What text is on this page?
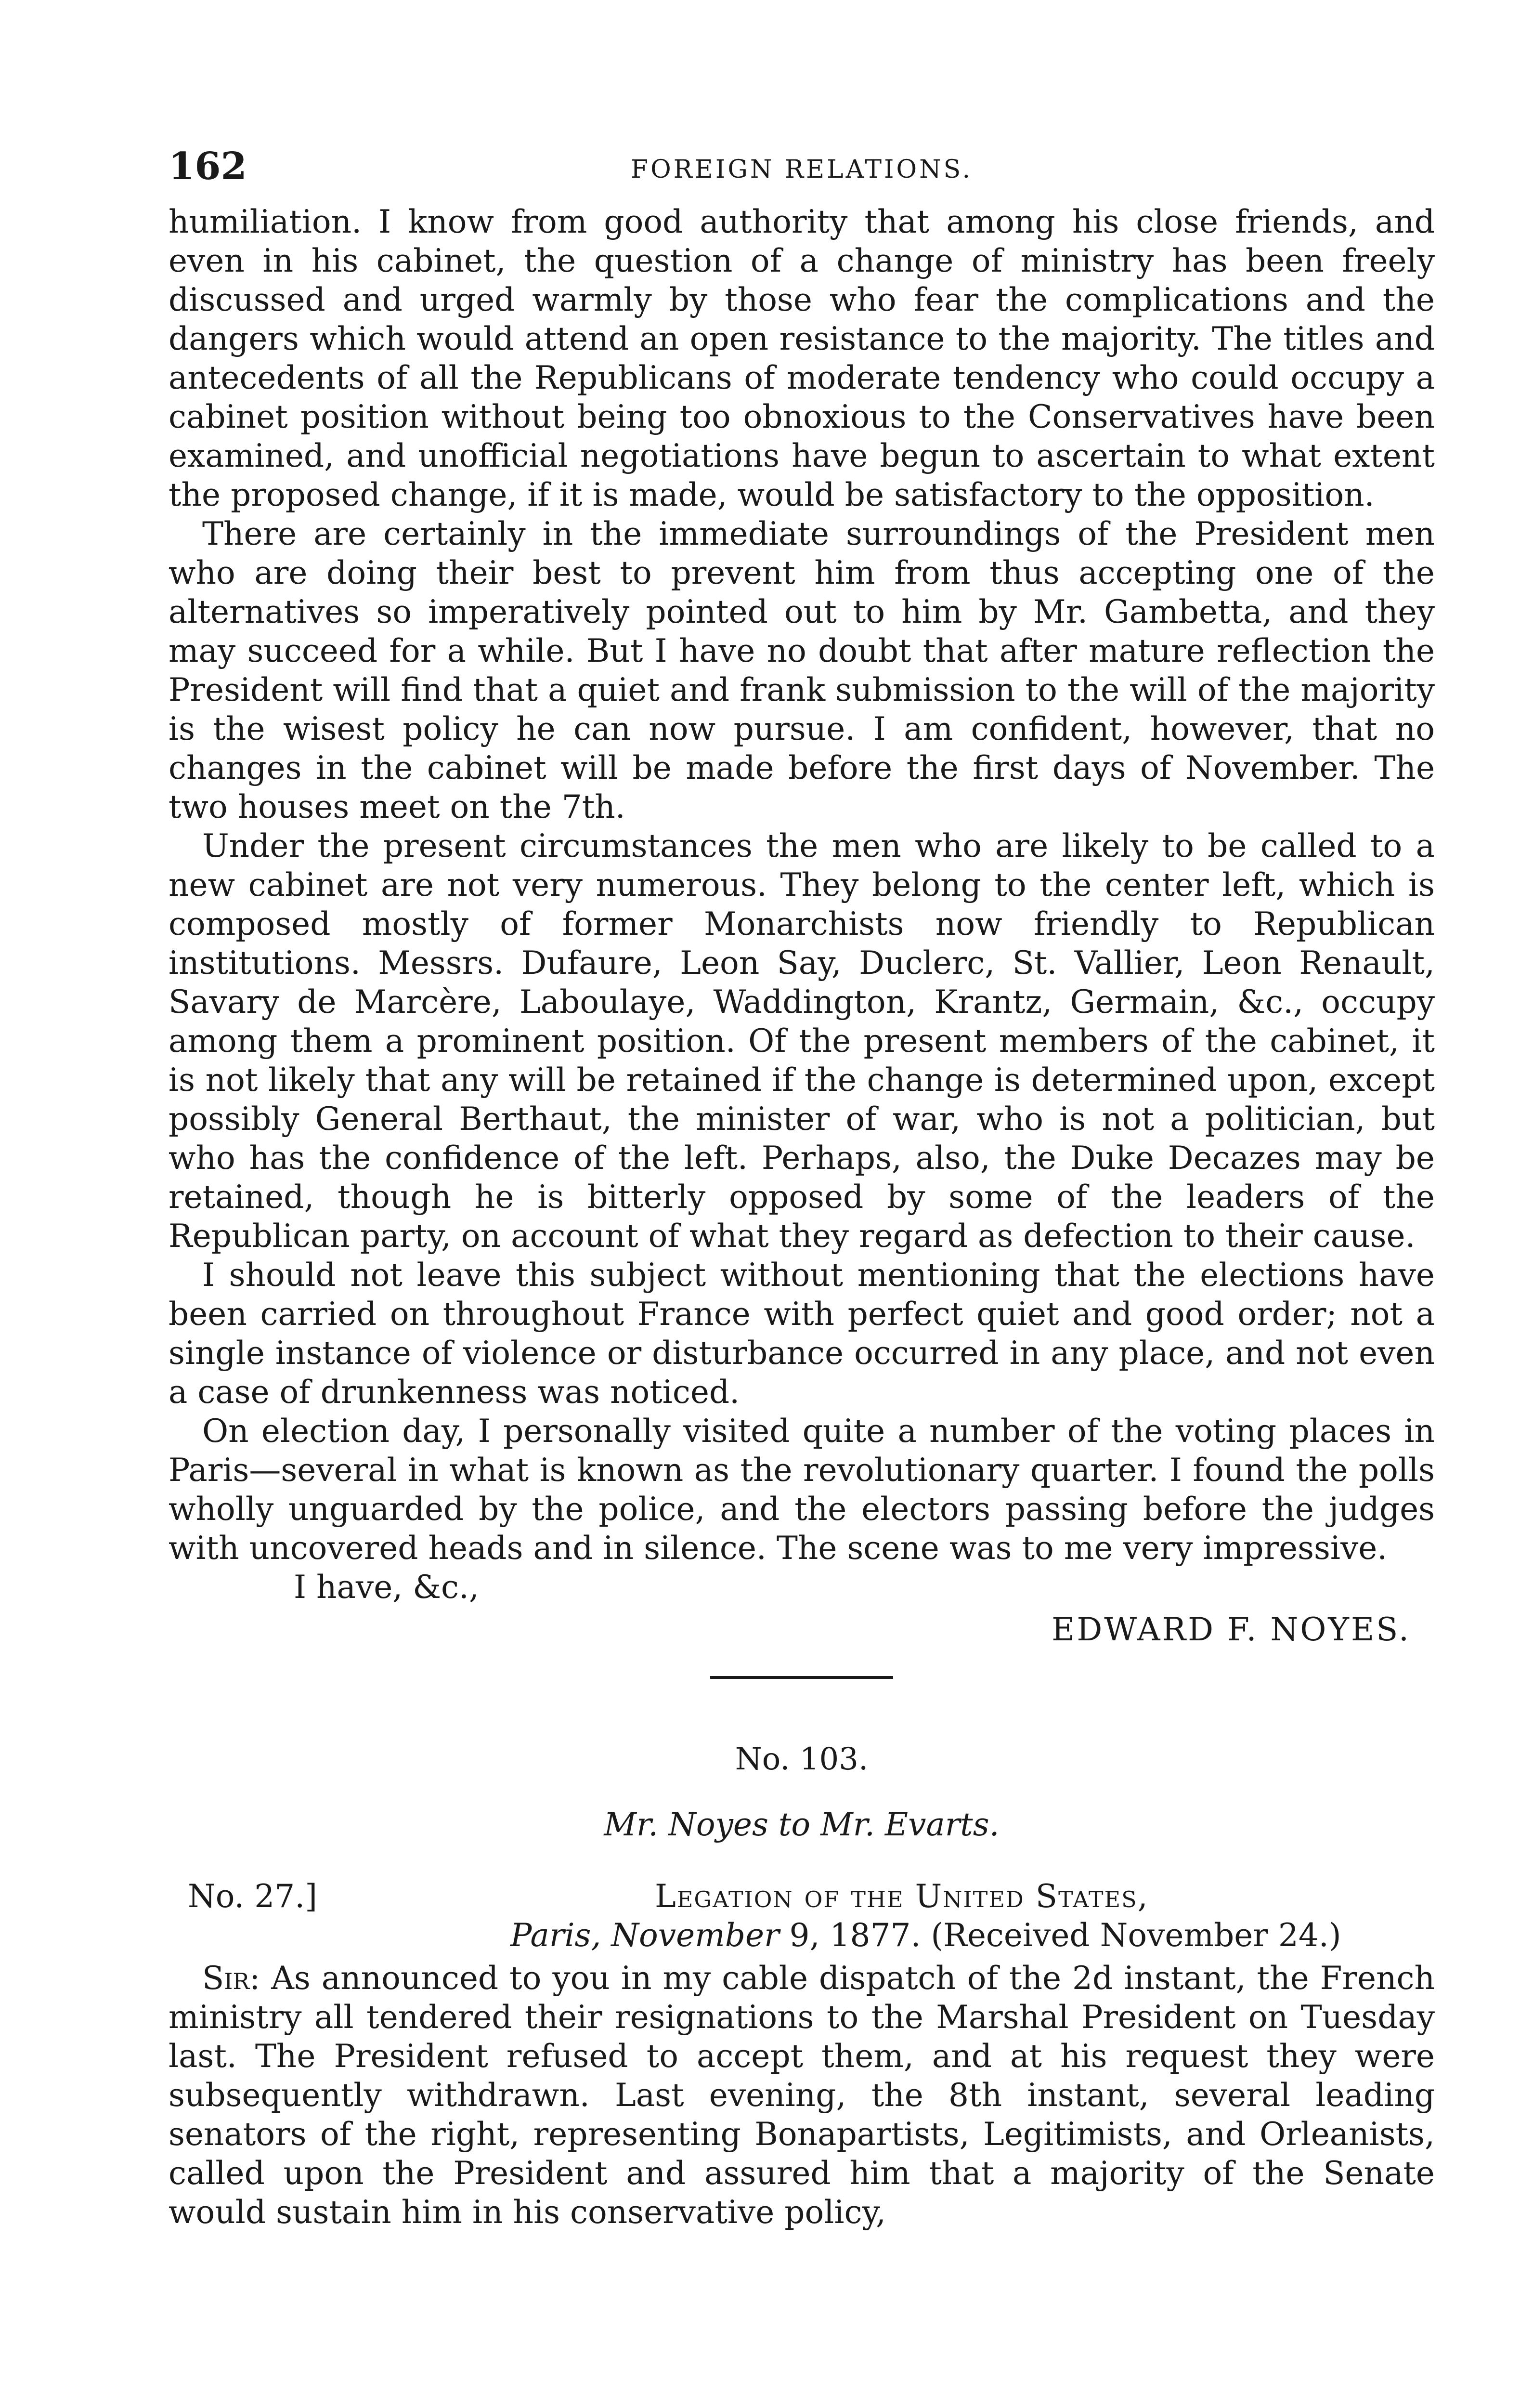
162	FOREIGN RELATIONS.

humiliation. I know from good authority that among his close friends, and even in his cabinet, the question of a change of ministry has been freely discussed and urged warmly by those who fear the complications and the dangers which would attend an open resistance to the majority. The titles and antecedents of all the Republicans of moderate tendency who could occupy a cabinet position without being too obnoxious to the Conservatives have been examined, and unofficial negotiations have begun to ascertain to what extent the proposed change, if it is made, would be satisfactory to the opposition.

There are certainly in the immediate surroundings of the President men who are doing their best to prevent him from thus accepting one of the alternatives so imperatively pointed out to him by Mr. Gambetta, and they may succeed for a while. But I have no doubt that after mature reflection the President will find that a quiet and frank submission to the will of the majority is the wisest policy he can now pursue. I am confident, however, that no changes in the cabinet will be made before the first days of November. The two houses meet on the 7th.

Under the present circumstances the men who are likely to be called to a new cabinet are not very numerous. They belong to the center left, which is composed mostly of former Monarchists now friendly to Republican institutions. Messrs. Dufaure, Leon Say, Duclerc, St. Vallier, Leon Renault, Savary de Marcère, Laboulaye, Waddington, Krantz, Germain, &c., occupy among them a prominent position. Of the present members of the cabinet, it is not likely that any will be retained if the change is determined upon, except possibly General Berthaut, the minister of war, who is not a politician, but who has the confidence of the left. Perhaps, also, the Duke Decazes may be retained, though he is bitterly opposed by some of the leaders of the Republican party, on account of what they regard as defection to their cause.

I should not leave this subject without mentioning that the elections have been carried on throughout France with perfect quiet and good order; not a single instance of violence or disturbance occurred in any place, and not even a case of drunkenness was noticed.

On election day, I personally visited quite a number of the voting places in Paris—several in what is known as the revolutionary quarter. I found the polls wholly unguarded by the police, and the electors passing before the judges with uncovered heads and in silence. The scene was to me very impressive.

I have, &c.,
EDWARD F. NOYES.
No. 103.
Mr. Noyes to Mr. Evarts.
No. 27.]	Legation of the United States,
Paris, November 9, 1877. (Received November 24.)

Sir: As announced to you in my cable dispatch of the 2d instant, the French ministry all tendered their resignations to the Marshal President on Tuesday last. The President refused to accept them, and at his request they were subsequently withdrawn. Last evening, the 8th instant, several leading senators of the right, representing Bonapartists, Legitimists, and Orleanists, called upon the President and assured him that a majority of the Senate would sustain him in his conservative policy,
